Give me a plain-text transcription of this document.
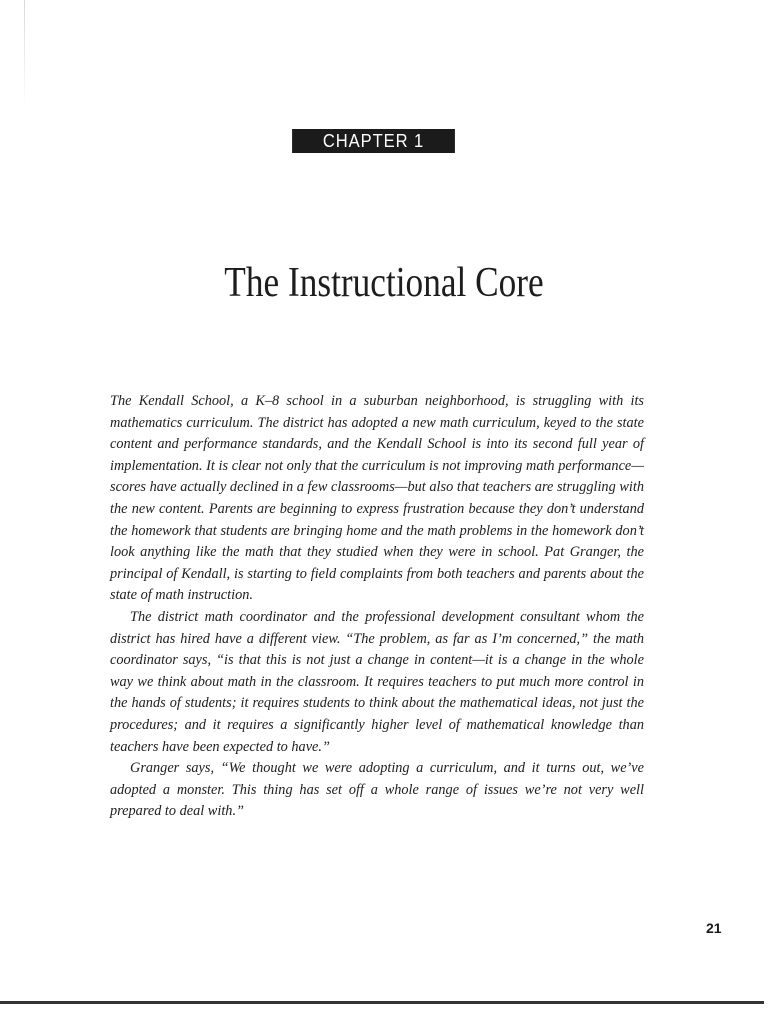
CHAPTER 1
The Instructional Core

The Kendall School, a K–8 school in a suburban neighborhood, is struggling with its mathematics curriculum. The district has adopted a new math curriculum, keyed to the state content and performance standards, and the Kendall School is into its second full year of implementation. It is clear not only that the curriculum is not improving math performance—scores have actually declined in a few classrooms—but also that teachers are struggling with the new content. Parents are beginning to express frustration because they don’t understand the homework that students are bringing home and the math problems in the homework don’t look anything like the math that they studied when they were in school. Pat Granger, the principal of Kendall, is starting to field complaints from both teachers and parents about the state of math instruction.

The district math coordinator and the professional development consultant whom the district has hired have a different view. “The problem, as far as I’m concerned,” the math coordinator says, “is that this is not just a change in content—it is a change in the whole way we think about math in the classroom. It requires teachers to put much more control in the hands of students; it requires students to think about the mathematical ideas, not just the procedures; and it requires a significantly higher level of mathematical knowledge than teachers have been expected to have.”

Granger says, “We thought we were adopting a curriculum, and it turns out, we’ve adopted a monster. This thing has set off a whole range of issues we’re not very well prepared to deal with.”

21
